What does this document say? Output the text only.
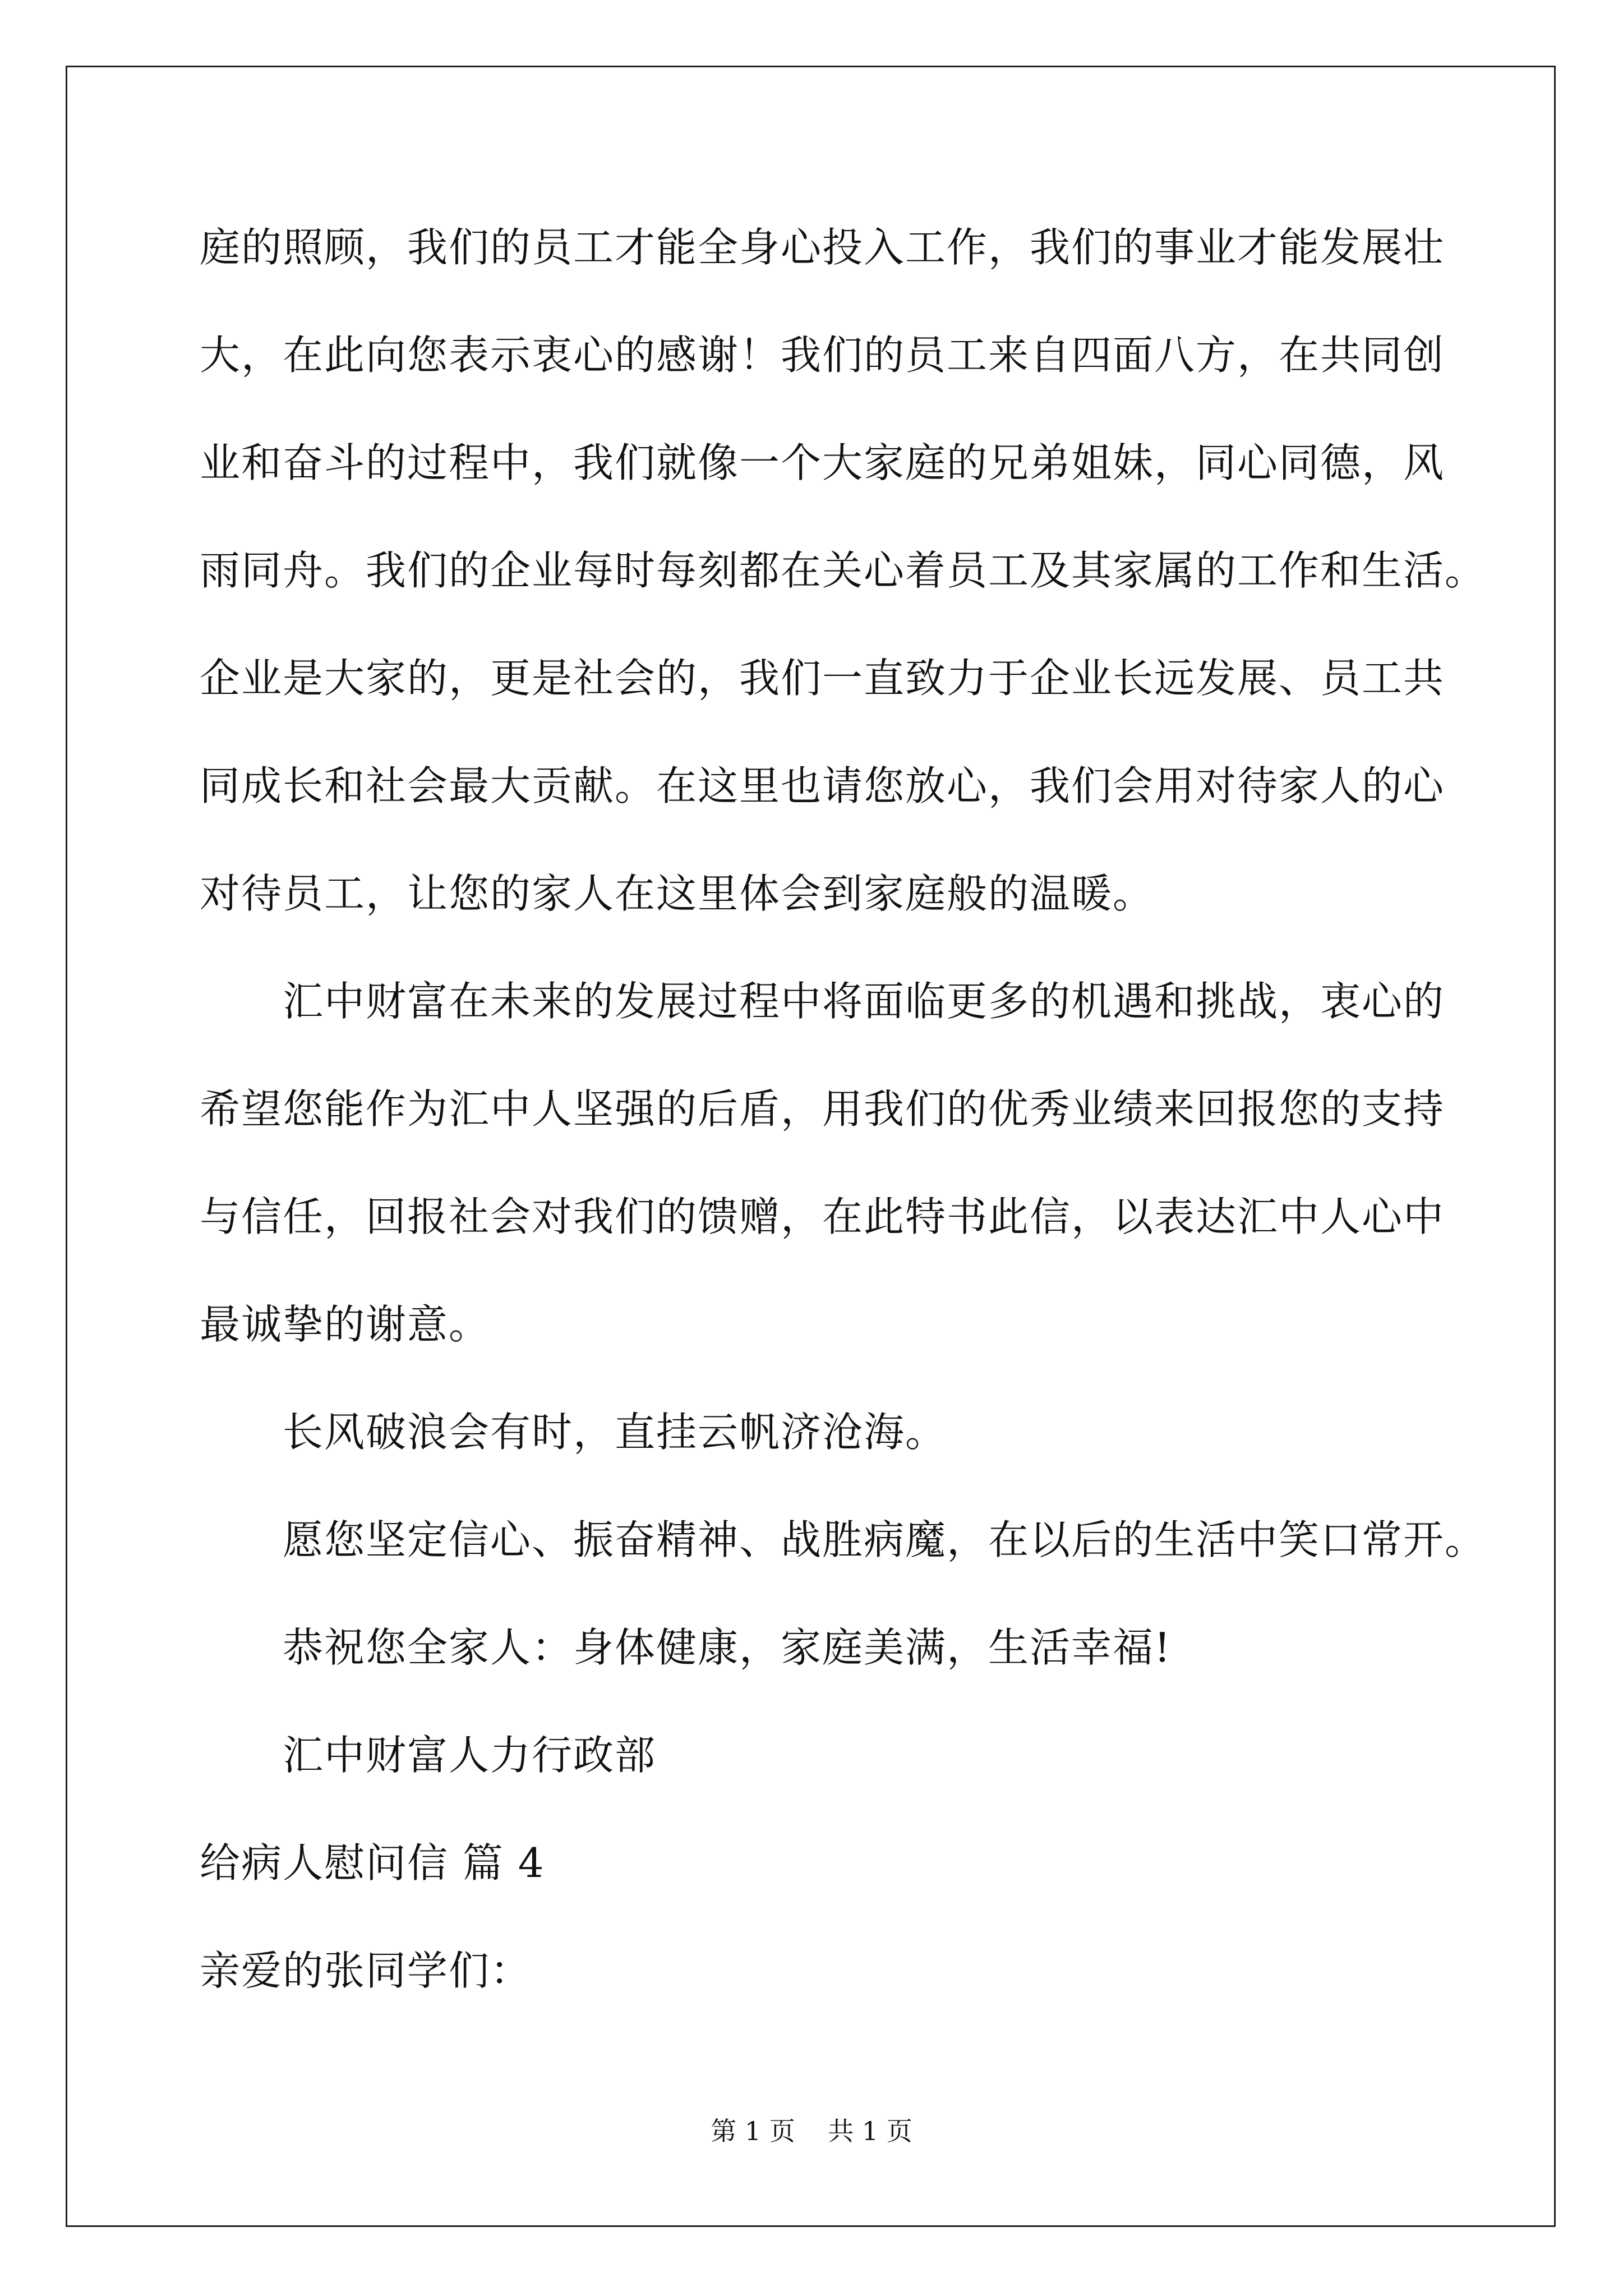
庭的照顾，我们的员工才能全身心投入工作，我们的事业才能发展壮
大，在此向您表示衷心的感谢！我们的员工来自四面八方，在共同创
业和奋斗的过程中，我们就像一个大家庭的兄弟姐妹，同心同德，风
雨同舟。我们的企业每时每刻都在关心着员工及其家属的工作和生活。
企业是大家的，更是社会的，我们一直致力于企业长远发展、员工共
同成长和社会最大贡献。在这里也请您放心，我们会用对待家人的心
对待员工，让您的家人在这里体会到家庭般的温暖。
汇中财富在未来的发展过程中将面临更多的机遇和挑战，衷心的
希望您能作为汇中人坚强的后盾，用我们的优秀业绩来回报您的支持
与信任，回报社会对我们的馈赠，在此特书此信，以表达汇中人心中
最诚挚的谢意。
长风破浪会有时，直挂云帆济沧海。
愿您坚定信心、振奋精神、战胜病魔，在以后的生活中笑口常开。
恭祝您全家人：身体健康，家庭美满，生活幸福!
汇中财富人力行政部
给病人慰问信 篇 4
亲爱的张同学们：
第 1 页    共 1 页
